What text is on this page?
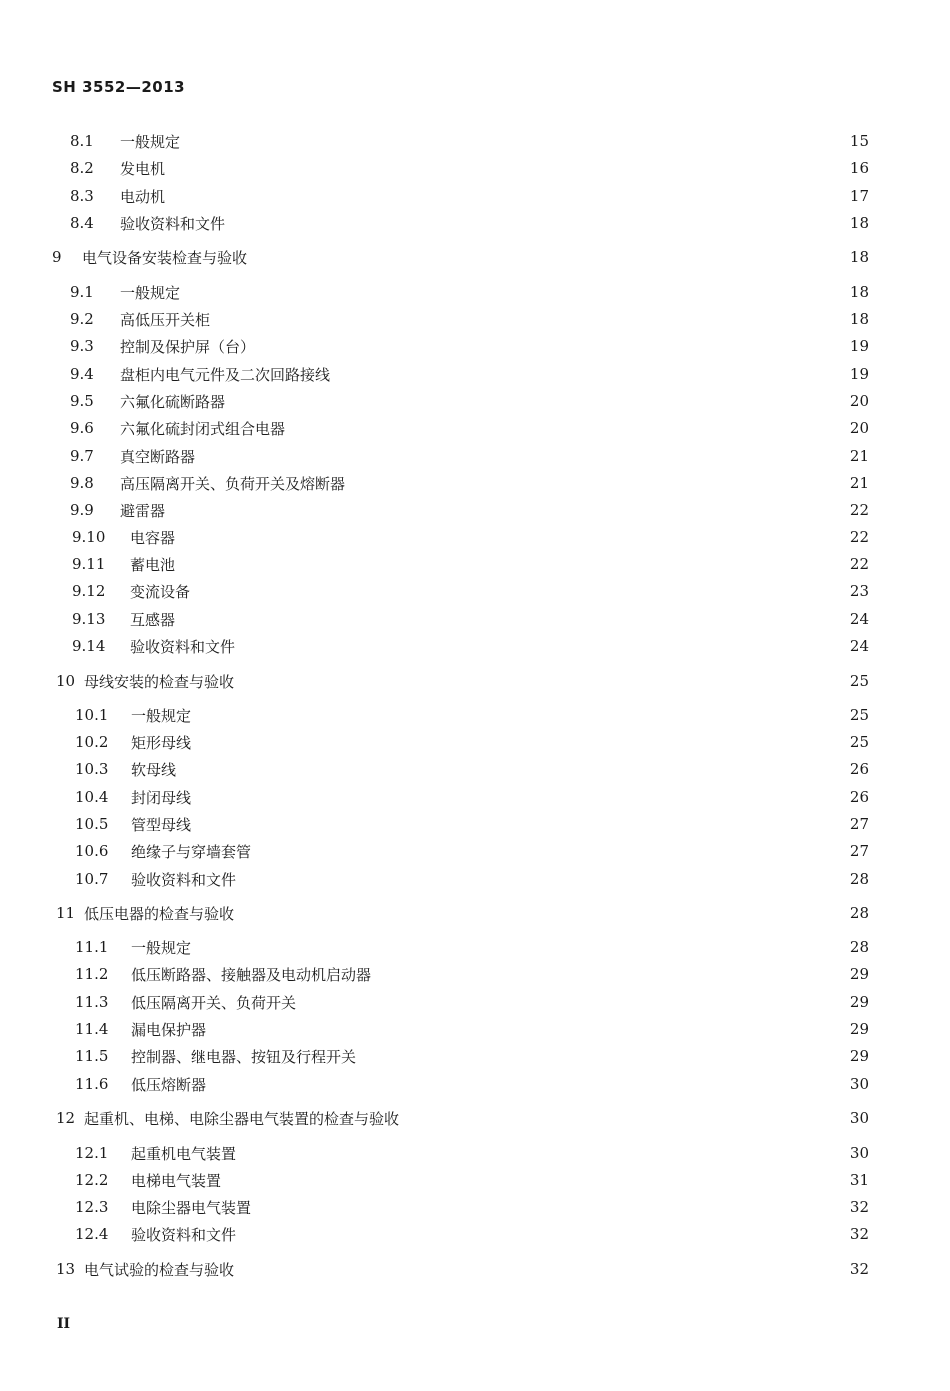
SH 3552—2013
8.1	一般规定	15
8.2	发电机	16
8.3	电动机	17
8.4	验收资料和文件	18
9	电气设备安装检查与验收	18
9.1	一般规定	18
9.2	高低压开关柜	18
9.3	控制及保护屏（台）	19
9.4	盘柜内电气元件及二次回路接线	19
9.5	六氟化硫断路器	20
9.6	六氟化硫封闭式组合电器	20
9.7	真空断路器	21
9.8	高压隔离开关、负荷开关及熔断器	21
9.9	避雷器	22
9.10	电容器	22
9.11	蓄电池	22
9.12	变流设备	23
9.13	互感器	24
9.14	验收资料和文件	24
10 母线安装的检查与验收	25
10.1	一般规定	25
10.2	矩形母线	25
10.3	软母线	26
10.4	封闭母线	26
10.5	管型母线	27
10.6	绝缘子与穿墙套管	27
10.7	验收资料和文件	28
11 低压电器的检查与验收	28
11.1	一般规定	28
11.2	低压断路器、接触器及电动机启动器	29
11.3	低压隔离开关、负荷开关	29
11.4	漏电保护器	29
11.5	控制器、继电器、按钮及行程开关	29
11.6	低压熔断器	30
12 起重机、电梯、电除尘器电气装置的检查与验收	30
12.1	起重机电气装置	30
12.2	电梯电气装置	31
12.3	电除尘器电气装置	32
12.4	验收资料和文件	32
13 电气试验的检查与验收	32
II
